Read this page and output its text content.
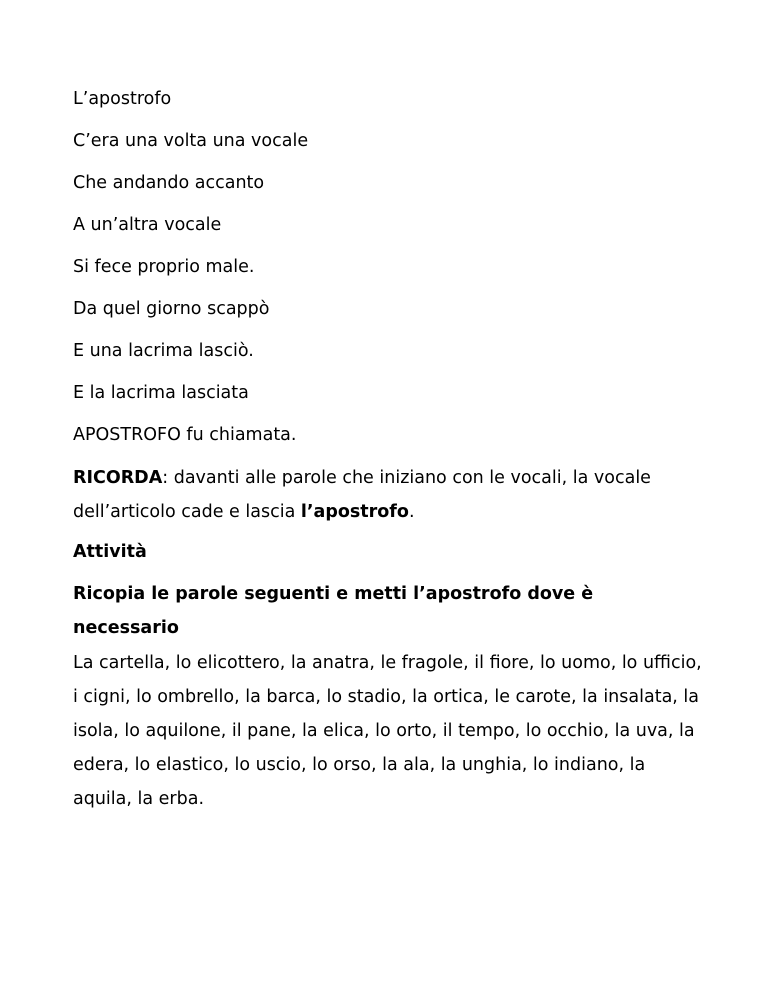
L’apostrofo
C’era una volta una vocale
Che andando accanto
A un’altra vocale
Si fece proprio male.
Da quel giorno scappò
E una lacrima lasciò.
E la lacrima lasciata
APOSTROFO fu chiamata.
RICORDA: davanti alle parole che iniziano con le vocali, la vocale dell’articolo cade e lascia l’apostrofo.
Attività
Ricopia le parole seguenti e metti l’apostrofo dove è necessario
La cartella, lo elicottero, la anatra, le fragole, il fiore, lo uomo, lo ufficio, i cigni, lo ombrello, la barca, lo stadio, la ortica, le carote, la insalata, la isola, lo aquilone, il pane, la elica, lo orto, il tempo, lo occhio, la uva, la edera, lo elastico, lo uscio, lo orso, la ala, la unghia, lo indiano, la aquila, la erba.
